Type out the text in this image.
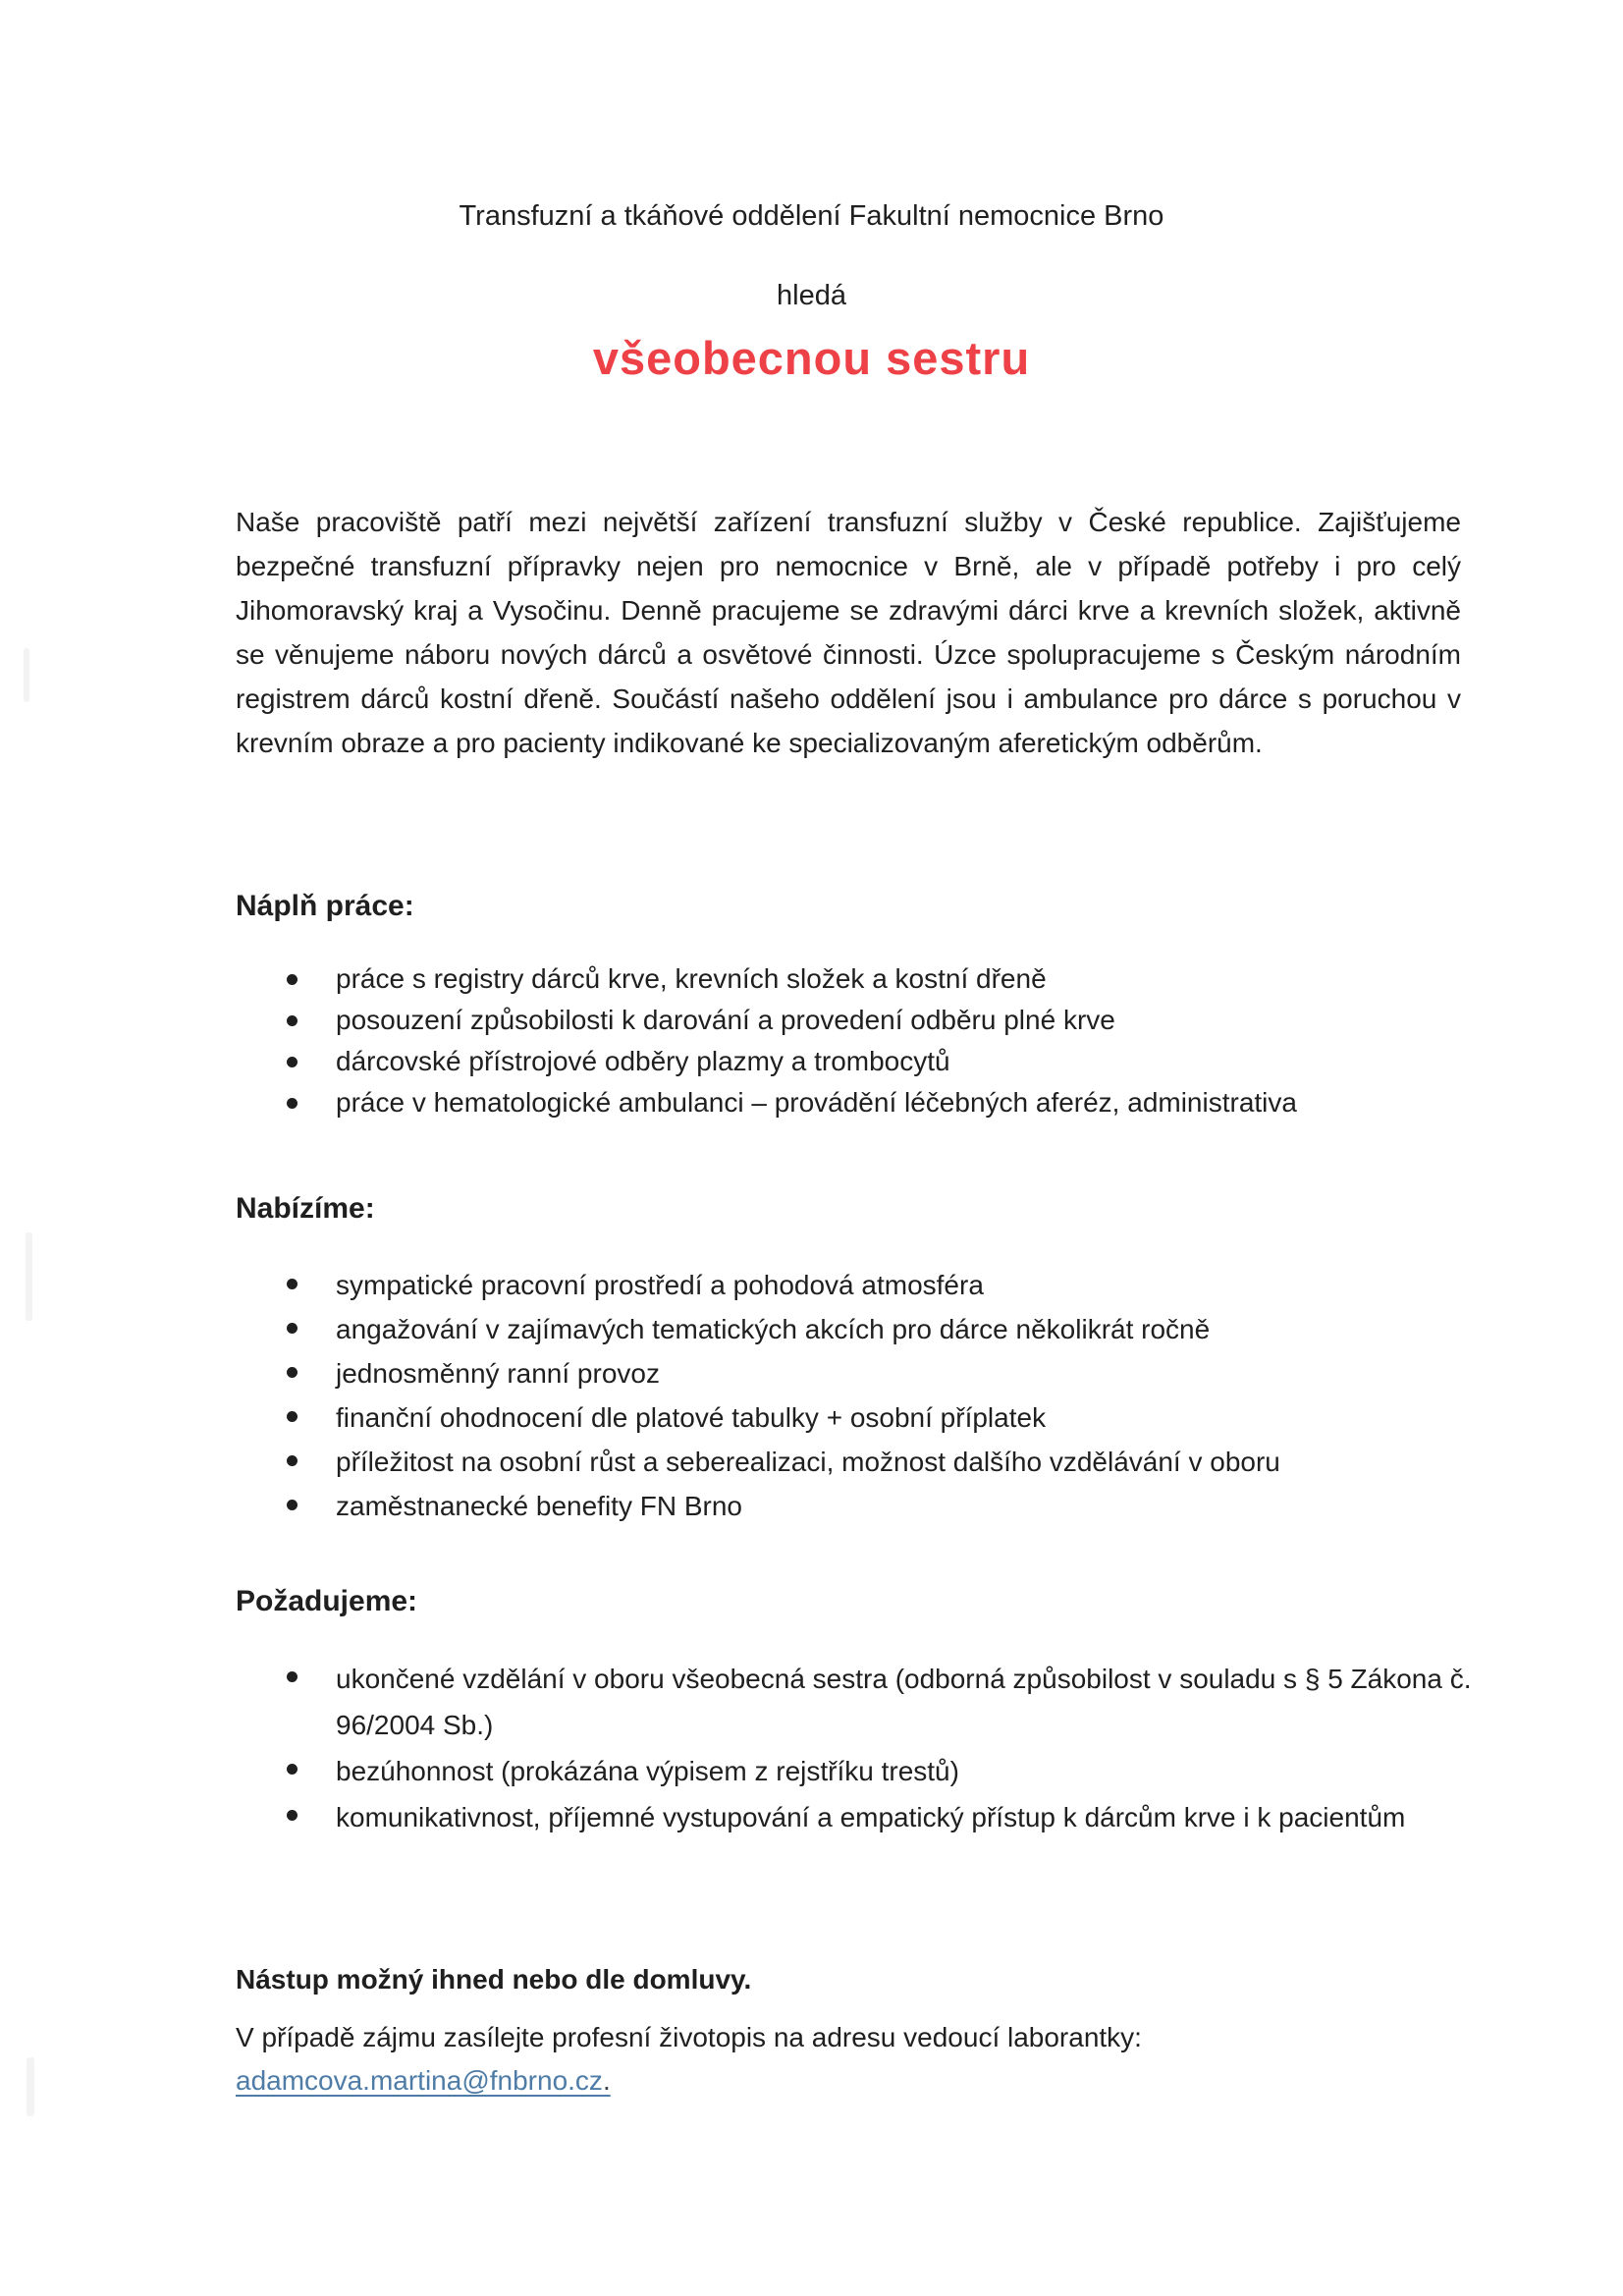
Transfuzní a tkáňové oddělení Fakultní nemocnice Brno
hledá
všeobecnou sestru
Naše pracoviště patří mezi největší zařízení transfuzní služby v České republice. Zajišťujeme bezpečné transfuzní přípravky nejen pro nemocnice v Brně, ale v případě potřeby i pro celý Jihomoravský kraj a Vysočinu. Denně pracujeme se zdravými dárci krve a krevních složek, aktivně se věnujeme náboru nových dárců a osvětové činnosti. Úzce spolupracujeme s Českým národním registrem dárců kostní dřeně. Součástí našeho oddělení jsou i ambulance pro dárce s poruchou v krevním obraze a pro pacienty indikované ke specializovaným aferetickým odběrům.
Náplň práce:
práce s registry dárců krve, krevních složek a kostní dřeně
posouzení způsobilosti k darování a provedení odběru plné krve
dárcovské přístrojové odběry plazmy a trombocytů
práce v hematologické ambulanci – provádění léčebných aferéz, administrativa
Nabízíme:
sympatické pracovní prostředí a pohodová atmosféra
angažování v zajímavých tematických akcích pro dárce několikrát ročně
jednosměnný ranní provoz
finanční ohodnocení dle platové tabulky + osobní příplatek
příležitost na osobní růst a seberealizaci, možnost dalšího vzdělávání v oboru
zaměstnanecké benefity FN Brno
Požadujeme:
ukončené vzdělání v oboru všeobecná sestra (odborná způsobilost v souladu s § 5 Zákona č. 96/2004 Sb.)
bezúhonnost (prokázána výpisem z rejstříku trestů)
komunikativnost, příjemné vystupování a empatický přístup k dárcům krve i k pacientům
Nástup možný ihned nebo dle domluvy.
V případě zájmu zasílejte profesní životopis na adresu vedoucí laborantky:
adamcova.martina@fnbrno.cz.
